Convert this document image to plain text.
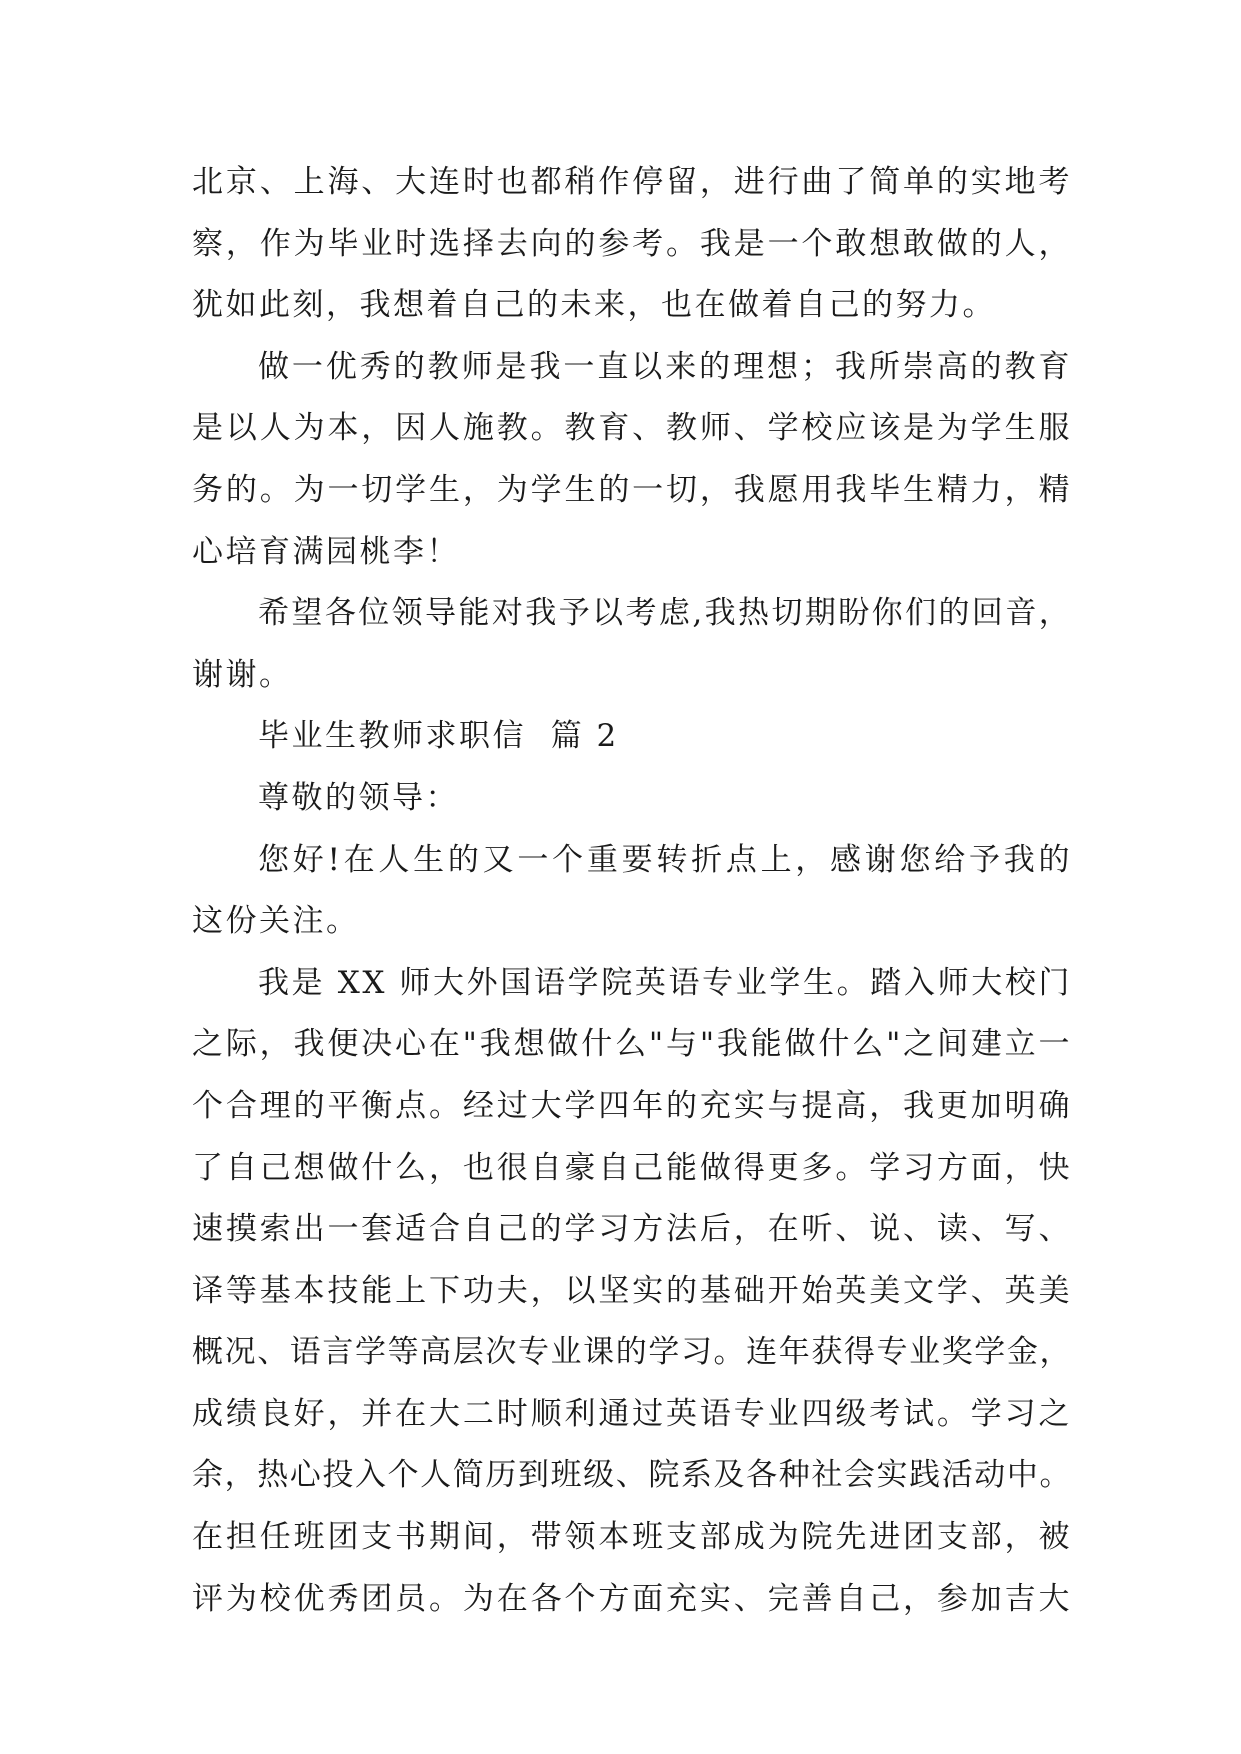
北京、上海、大连时也都稍作停留，进行曲了简单的实地考
察，作为毕业时选择去向的参考。我是一个敢想敢做的人，
犹如此刻，我想着自己的未来，也在做着自己的努力。
做一优秀的教师是我一直以来的理想；我所崇高的教育
是以人为本，因人施教。教育、教师、学校应该是为学生服
务的。为一切学生，为学生的一切，我愿用我毕生精力，精
心培育满园桃李！
希望各位领导能对我予以考虑,我热切期盼你们的回音，
谢谢。
毕业生教师求职信  篇 2
尊敬的领导：
您好!在人生的又一个重要转折点上，感谢您给予我的
这份关注。
我是 XX 师大外国语学院英语专业学生。踏入师大校门
之际，我便决心在"我想做什么"与"我能做什么"之间建立一
个合理的平衡点。经过大学四年的充实与提高，我更加明确
了自己想做什么，也很自豪自己能做得更多。学习方面，快
速摸索出一套适合自己的学习方法后，在听、说、读、写、
译等基本技能上下功夫，以坚实的基础开始英美文学、英美
概况、语言学等高层次专业课的学习。连年获得专业奖学金，
成绩良好，并在大二时顺利通过英语专业四级考试。学习之
余，热心投入个人简历到班级、院系及各种社会实践活动中。
在担任班团支书期间，带领本班支部成为院先进团支部，被
评为校优秀团员。为在各个方面充实、完善自己，参加吉大
